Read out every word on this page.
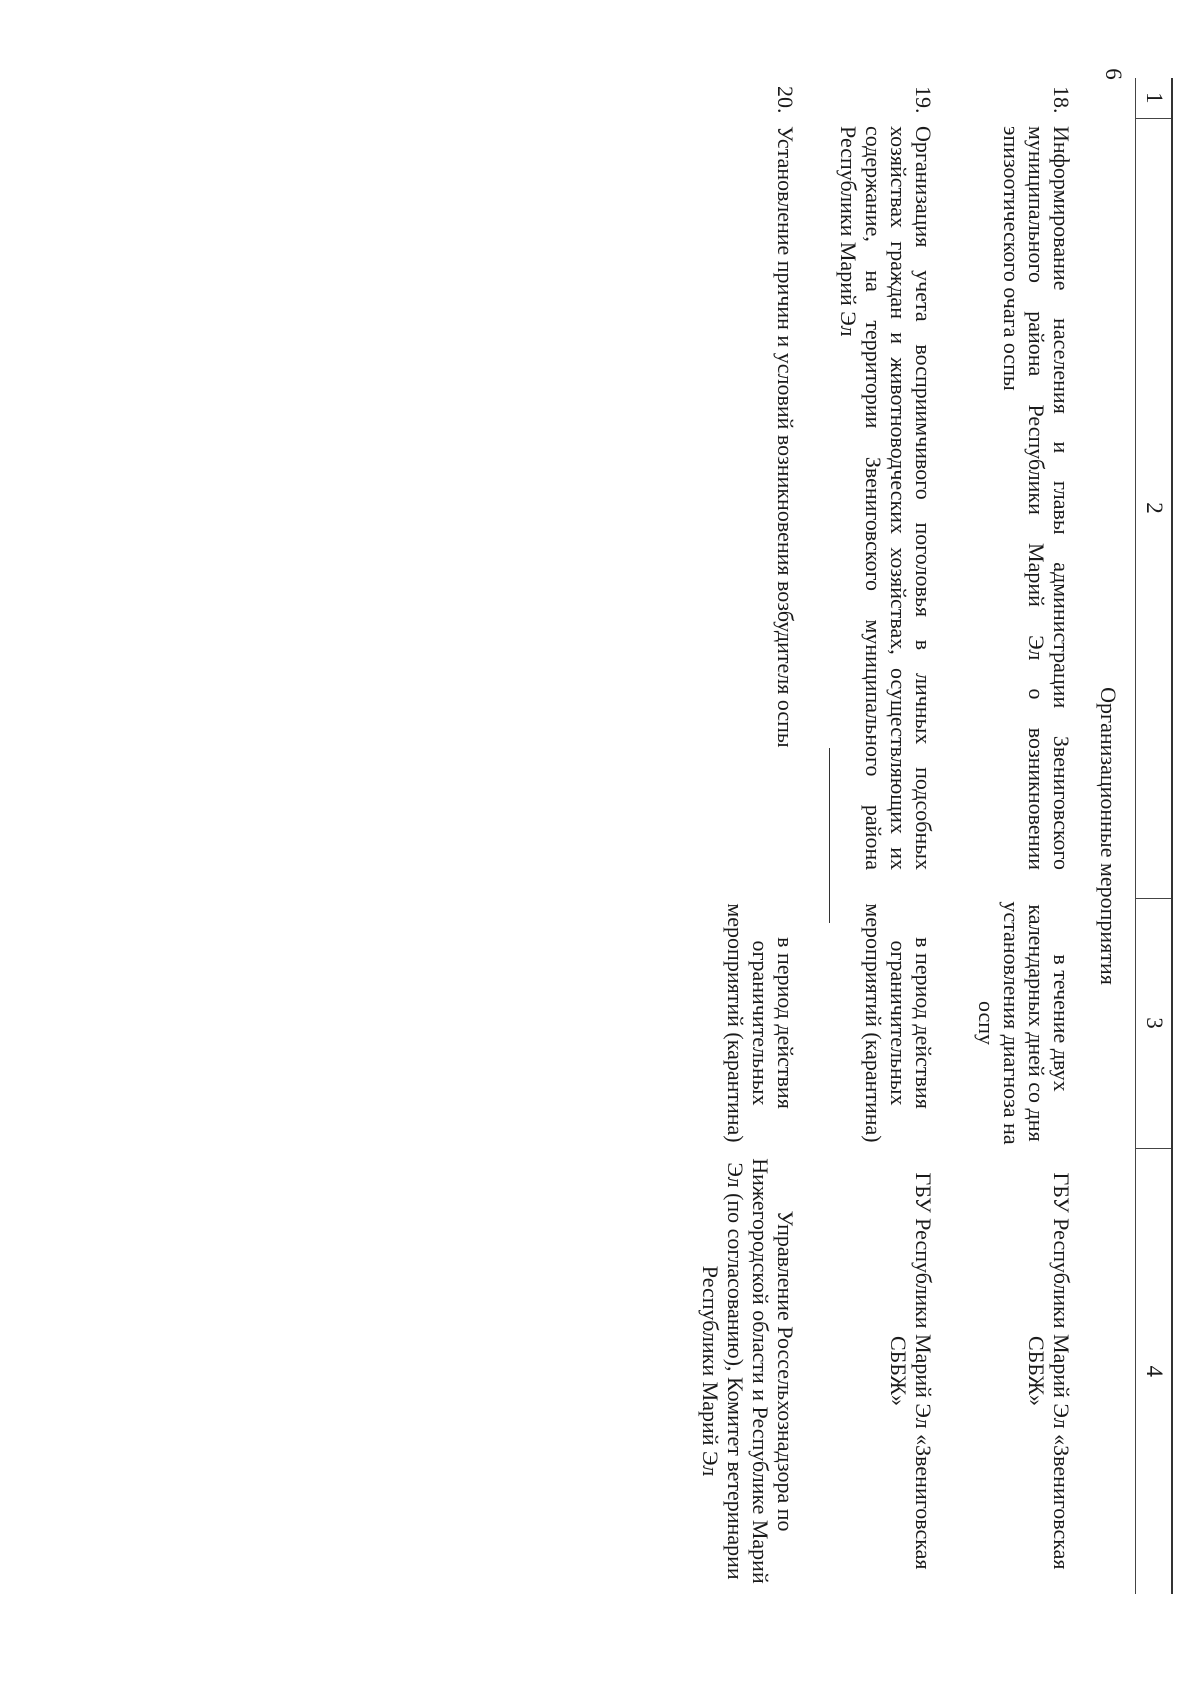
6
1	2	3	4
Организационные мероприятия			
18.	Информирование населения и главы администрации Звениговского муниципального района Республики Марий Эл о возникновении эпизоотического очага оспы	в течение двух календарных дней со дня установления диагноза на оспу	ГБУ Республики Марий Эл «Звениговская СББЖ»
19.	Организация учета восприимчивого поголовья в личных подсобных хозяйствах граждан и животноводческих хозяйствах, осуществляющих их содержание, на территории Звениговского муниципального района Республики Марий Эл	в период действия ограничительных мероприятий (карантина)	ГБУ Республики Марий Эл «Звениговская СББЖ»
20.	Установление причин и условий возникновения возбудителя оспы	в период действия ограничительных мероприятий (карантина)	Управление Россельхознадзора по Нижегородской области и Республике Марий Эл (по согласованию), Комитет ветеринарии Республики Марий Эл
